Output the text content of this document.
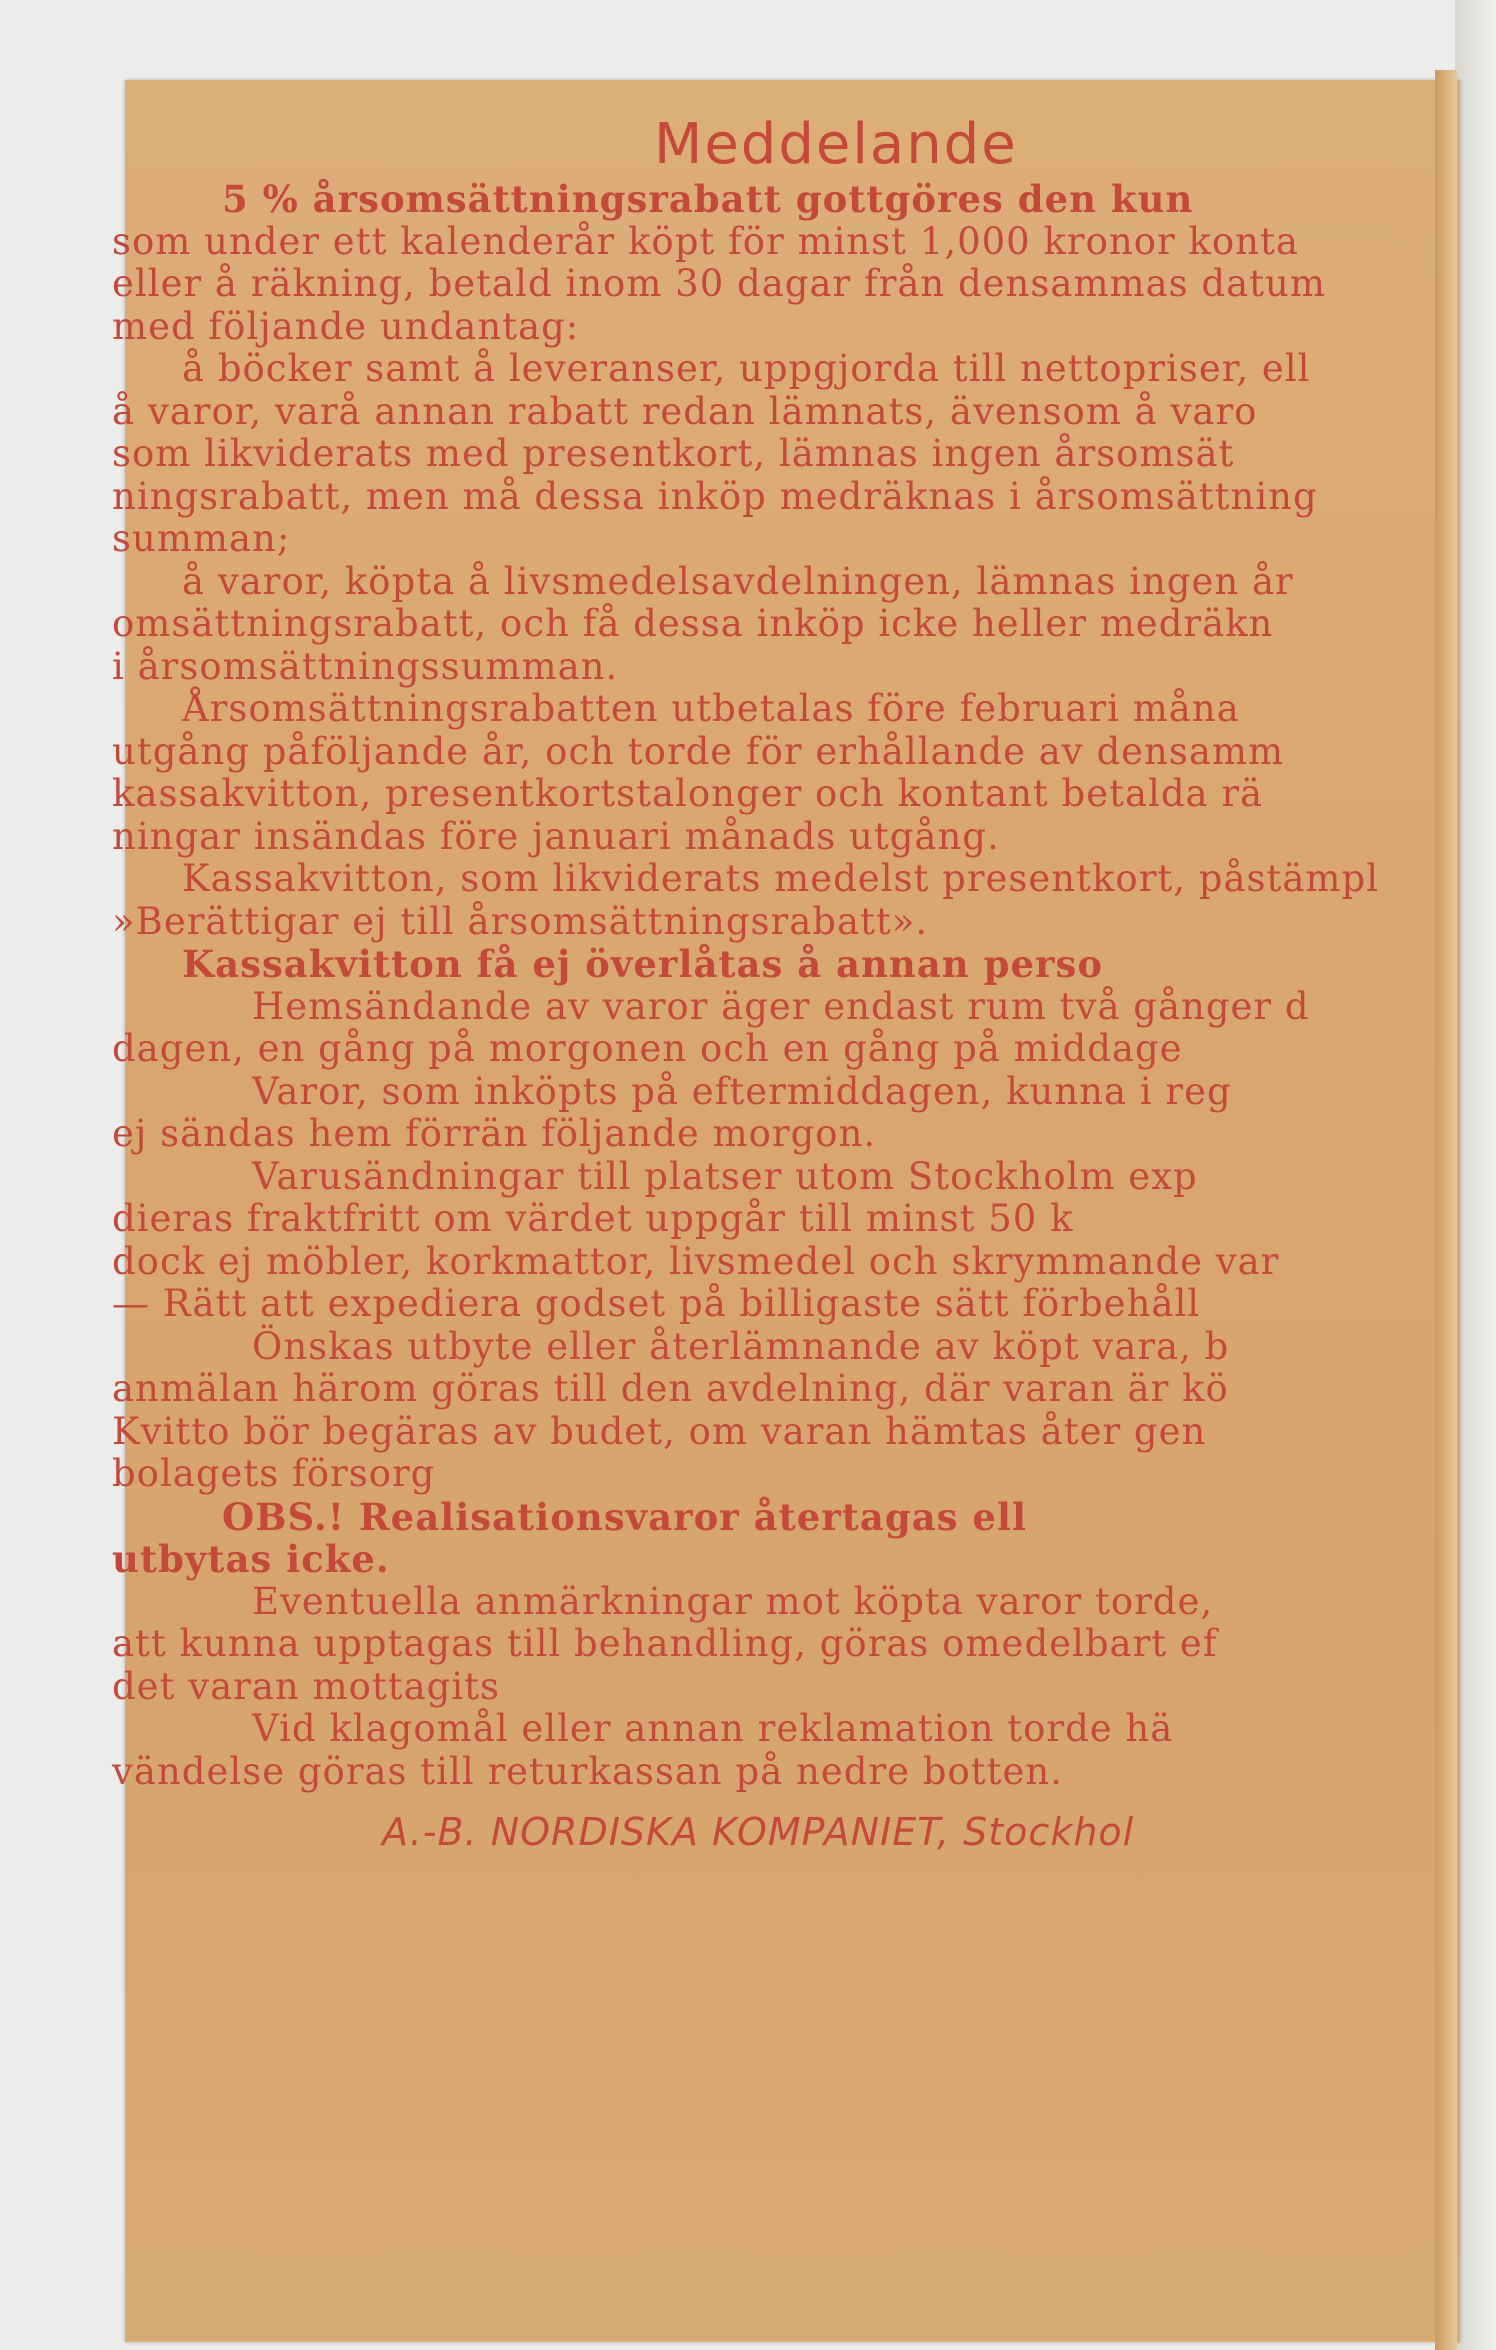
Meddelande
5 % årsomsättningsrabatt gottgöres den kun
som under ett kalenderår köpt för minst 1,000 kronor konta
eller å räkning, betald inom 30 dagar från densammas datum
med följande undantag:
å böcker samt å leveranser, uppgjorda till nettopriser, ell
å varor, varå annan rabatt redan lämnats, ävensom å varo
som likviderats med presentkort, lämnas ingen årsomsät
ningsrabatt, men må dessa inköp medräknas i årsomsättning
summan;
å varor, köpta å livsmedelsavdelningen, lämnas ingen år
omsättningsrabatt, och få dessa inköp icke heller medräkn
i årsomsättningssumman.
Årsomsättningsrabatten utbetalas före februari måna
utgång påföljande år, och torde för erhållande av densamm
kassakvitton, presentkortstalonger och kontant betalda rä
ningar insändas före januari månads utgång.
Kassakvitton, som likviderats medelst presentkort, påstämpl
»Berättigar ej till årsomsättningsrabatt».
Kassakvitton få ej överlåtas å annan perso
Hemsändande av varor äger endast rum två gånger d
dagen, en gång på morgonen och en gång på middage
Varor, som inköpts på eftermiddagen, kunna i reg
ej sändas hem förrän följande morgon.
Varusändningar till platser utom Stockholm exp
dieras fraktfritt om värdet uppgår till minst 50 k
dock ej möbler, korkmattor, livsmedel och skrymmande var
— Rätt att expediera godset på billigaste sätt förbehåll
Önskas utbyte eller återlämnande av köpt vara, b
anmälan härom göras till den avdelning, där varan är kö
Kvitto bör begäras av budet, om varan hämtas åter gen
bolagets försorg
OBS.! Realisationsvaror återtagas ell
utbytas icke.
Eventuella anmärkningar mot köpta varor torde,
att kunna upptagas till behandling, göras omedelbart ef
det varan mottagits
Vid klagomål eller annan reklamation torde hä
vändelse göras till returkassan på nedre botten.
A.-B. NORDISKA KOMPANIET, Stockhol
